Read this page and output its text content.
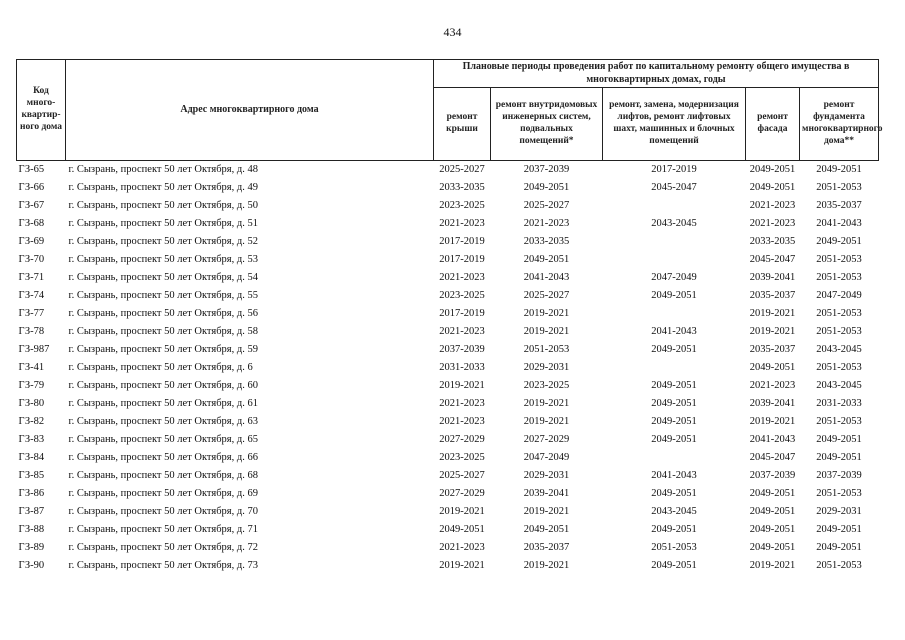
434
Код много-квартир-ного дома	Адрес многоквартирного дома	Плановые периоды проведения работ по капитальному ремонту общего имущества в многоквартирных домах, годы				
		ремонт крыши	ремонт внутридомовых инженерных систем, подвальных помещений*	ремонт, замена, модернизация лифтов, ремонт лифтовых шахт, машинных и блочных помещений	ремонт фасада	ремонт фундамента многоквартирного дома**
ГЗ-65	г. Сызрань, проспект 50 лет Октября, д. 48	2025-2027	2037-2039	2017-2019	2049-2051	2049-2051
ГЗ-66	г. Сызрань, проспект 50 лет Октября, д. 49	2033-2035	2049-2051	2045-2047	2049-2051	2051-2053
ГЗ-67	г. Сызрань, проспект 50 лет Октября, д. 50	2023-2025	2025-2027		2021-2023	2035-2037
ГЗ-68	г. Сызрань, проспект 50 лет Октября, д. 51	2021-2023	2021-2023	2043-2045	2021-2023	2041-2043
ГЗ-69	г. Сызрань, проспект 50 лет Октября, д. 52	2017-2019	2033-2035		2033-2035	2049-2051
ГЗ-70	г. Сызрань, проспект 50 лет Октября, д. 53	2017-2019	2049-2051		2045-2047	2051-2053
ГЗ-71	г. Сызрань, проспект 50 лет Октября, д. 54	2021-2023	2041-2043	2047-2049	2039-2041	2051-2053
ГЗ-74	г. Сызрань, проспект 50 лет Октября, д. 55	2023-2025	2025-2027	2049-2051	2035-2037	2047-2049
ГЗ-77	г. Сызрань, проспект 50 лет Октября, д. 56	2017-2019	2019-2021		2019-2021	2051-2053
ГЗ-78	г. Сызрань, проспект 50 лет Октября, д. 58	2021-2023	2019-2021	2041-2043	2019-2021	2051-2053
ГЗ-987	г. Сызрань, проспект 50 лет Октября, д. 59	2037-2039	2051-2053	2049-2051	2035-2037	2043-2045
ГЗ-41	г. Сызрань, проспект 50 лет Октября, д. 6	2031-2033	2029-2031		2049-2051	2051-2053
ГЗ-79	г. Сызрань, проспект 50 лет Октября, д. 60	2019-2021	2023-2025	2049-2051	2021-2023	2043-2045
ГЗ-80	г. Сызрань, проспект 50 лет Октября, д. 61	2021-2023	2019-2021	2049-2051	2039-2041	2031-2033
ГЗ-82	г. Сызрань, проспект 50 лет Октября, д. 63	2021-2023	2019-2021	2049-2051	2019-2021	2051-2053
ГЗ-83	г. Сызрань, проспект 50 лет Октября, д. 65	2027-2029	2027-2029	2049-2051	2041-2043	2049-2051
ГЗ-84	г. Сызрань, проспект 50 лет Октября, д. 66	2023-2025	2047-2049		2045-2047	2049-2051
ГЗ-85	г. Сызрань, проспект 50 лет Октября, д. 68	2025-2027	2029-2031	2041-2043	2037-2039	2037-2039
ГЗ-86	г. Сызрань, проспект 50 лет Октября, д. 69	2027-2029	2039-2041	2049-2051	2049-2051	2051-2053
ГЗ-87	г. Сызрань, проспект 50 лет Октября, д. 70	2019-2021	2019-2021	2043-2045	2049-2051	2029-2031
ГЗ-88	г. Сызрань, проспект 50 лет Октября, д. 71	2049-2051	2049-2051	2049-2051	2049-2051	2049-2051
ГЗ-89	г. Сызрань, проспект 50 лет Октября, д. 72	2021-2023	2035-2037	2051-2053	2049-2051	2049-2051
ГЗ-90	г. Сызрань, проспект 50 лет Октября, д. 73	2019-2021	2019-2021	2049-2051	2019-2021	2051-2053
